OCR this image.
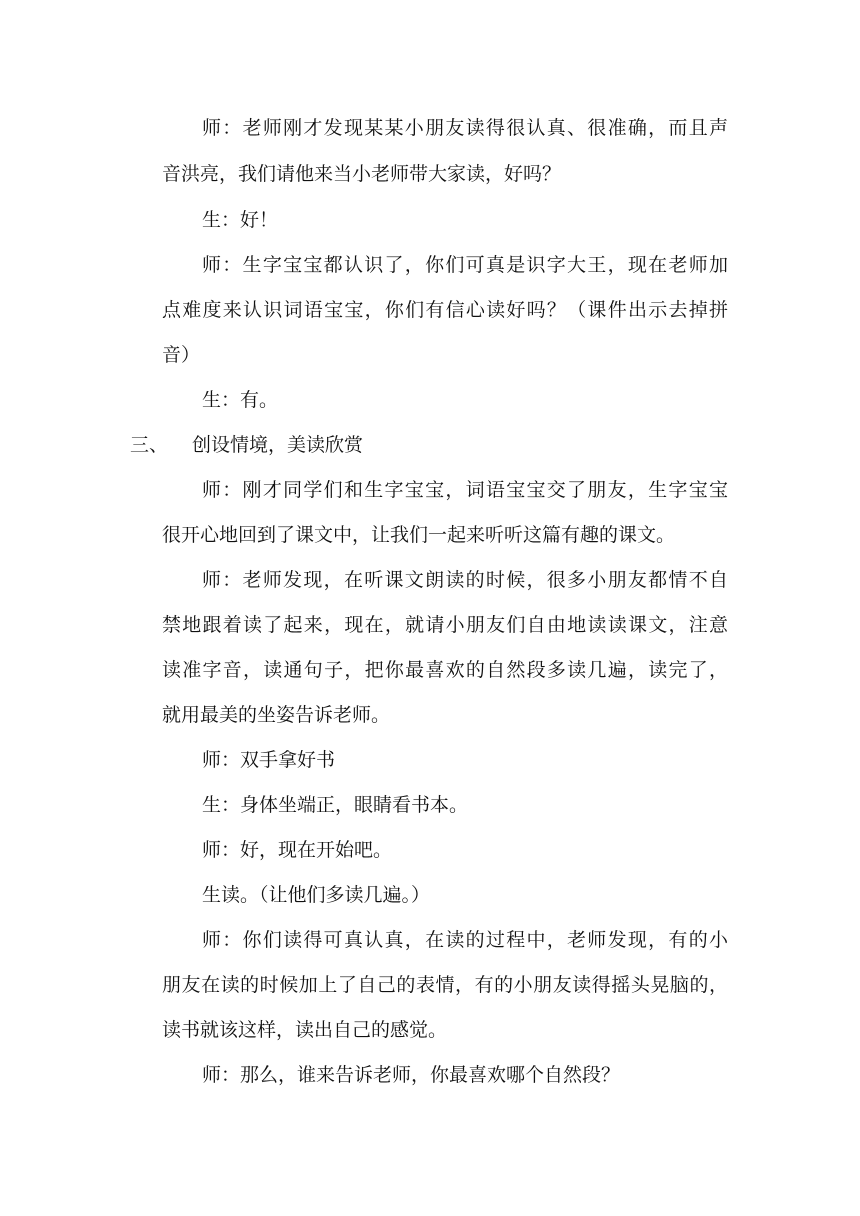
师：老师刚才发现某某小朋友读得很认真、很准确，而且声
音洪亮，我们请他来当小老师带大家读，好吗？
生：好！
师：生字宝宝都认识了，你们可真是识字大王，现在老师加
点难度来认识词语宝宝，你们有信心读好吗？（课件出示去掉拼
音）
生：有。
三、 创设情境，美读欣赏
师：刚才同学们和生字宝宝，词语宝宝交了朋友，生字宝宝
很开心地回到了课文中，让我们一起来听听这篇有趣的课文。
师：老师发现，在听课文朗读的时候，很多小朋友都情不自
禁地跟着读了起来，现在，就请小朋友们自由地读读课文，注意
读准字音，读通句子，把你最喜欢的自然段多读几遍，读完了，
就用最美的坐姿告诉老师。
师：双手拿好书
生：身体坐端正，眼睛看书本。
师：好，现在开始吧。
生读。（让他们多读几遍。）
师：你们读得可真认真，在读的过程中，老师发现，有的小
朋友在读的时候加上了自己的表情，有的小朋友读得摇头晃脑的，
读书就该这样，读出自己的感觉。
师：那么，谁来告诉老师，你最喜欢哪个自然段？
